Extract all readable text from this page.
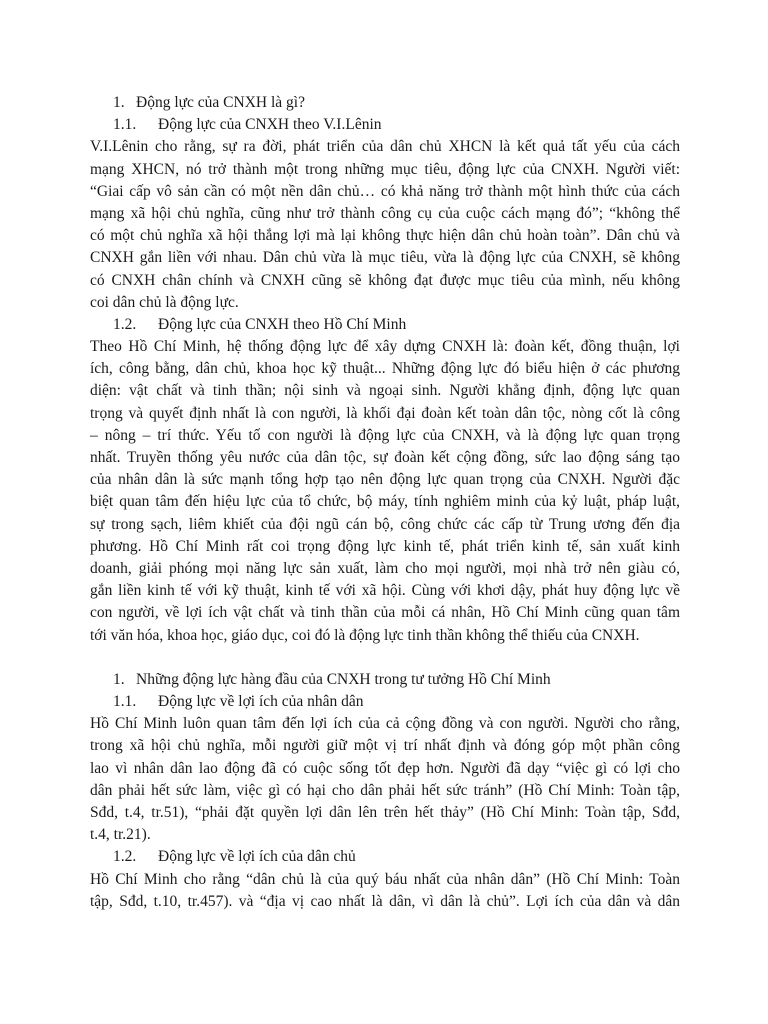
1. Động lực của CNXH là gì?
1.1. Động lực của CNXH theo V.I.Lênin
V.I.Lênin cho rằng, sự ra đời, phát triển của dân chủ XHCN là kết quả tất yếu của cách
mạng XHCN, nó trở thành một trong những mục tiêu, động lực của CNXH. Người viết:
“Giai cấp vô sản cần có một nền dân chủ… có khả năng trở thành một hình thức của cách
mạng xã hội chủ nghĩa, cũng như trở thành công cụ của cuộc cách mạng đó”; “không thể
có một chủ nghĩa xã hội thắng lợi mà lại không thực hiện dân chủ hoàn toàn”. Dân chủ và
CNXH gắn liền với nhau. Dân chủ vừa là mục tiêu, vừa là động lực của CNXH, sẽ không
có CNXH chân chính và CNXH cũng sẽ không đạt được mục tiêu của mình, nếu không
coi dân chủ là động lực.
1.2. Động lực của CNXH theo Hồ Chí Minh
Theo Hồ Chí Minh, hệ thống động lực để xây dựng CNXH là: đoàn kết, đồng thuận, lợi
ích, công bằng, dân chủ, khoa học kỹ thuật... Những động lực đó biểu hiện ở các phương
diện: vật chất và tinh thần; nội sinh và ngoại sinh. Người khẳng định, động lực quan
trọng và quyết định nhất là con người, là khối đại đoàn kết toàn dân tộc, nòng cốt là công
– nông – trí thức. Yếu tố con người là động lực của CNXH, và là động lực quan trọng
nhất. Truyền thống yêu nước của dân tộc, sự đoàn kết cộng đồng, sức lao động sáng tạo
của nhân dân là sức mạnh tổng hợp tạo nên động lực quan trọng của CNXH. Người đặc
biệt quan tâm đến hiệu lực của tổ chức, bộ máy, tính nghiêm minh của kỷ luật, pháp luật,
sự trong sạch, liêm khiết của đội ngũ cán bộ, công chức các cấp từ Trung ương đến địa
phương. Hồ Chí Minh rất coi trọng động lực kinh tế, phát triển kinh tế, sản xuất kinh
doanh, giải phóng mọi năng lực sản xuất, làm cho mọi người, mọi nhà trở nên giàu có,
gắn liền kinh tế với kỹ thuật, kinh tế với xã hội. Cùng với khơi dậy, phát huy động lực về
con người, về lợi ích vật chất và tinh thần của mỗi cá nhân, Hồ Chí Minh cũng quan tâm
tới văn hóa, khoa học, giáo dục, coi đó là động lực tinh thần không thể thiếu của CNXH.
1. Những động lực hàng đầu của CNXH trong tư tưởng Hồ Chí Minh
1.1. Động lực về lợi ích của nhân dân
Hồ Chí Minh luôn quan tâm đến lợi ích của cả cộng đồng và con người. Người cho rằng,
trong xã hội chủ nghĩa, mỗi người giữ một vị trí nhất định và đóng góp một phần công
lao vì nhân dân lao động đã có cuộc sống tốt đẹp hơn. Người đã dạy “việc gì có lợi cho
dân phải hết sức làm, việc gì có hại cho dân phải hết sức tránh” (Hồ Chí Minh: Toàn tập,
Sđd, t.4, tr.51), “phải đặt quyền lợi dân lên trên hết thảy” (Hồ Chí Minh: Toàn tập, Sđd,
t.4, tr.21).
1.2. Động lực về lợi ích của dân chủ
Hồ Chí Minh cho rằng “dân chủ là của quý báu nhất của nhân dân” (Hồ Chí Minh: Toàn
tập, Sđd, t.10, tr.457). và “địa vị cao nhất là dân, vì dân là chủ”. Lợi ích của dân và dân
